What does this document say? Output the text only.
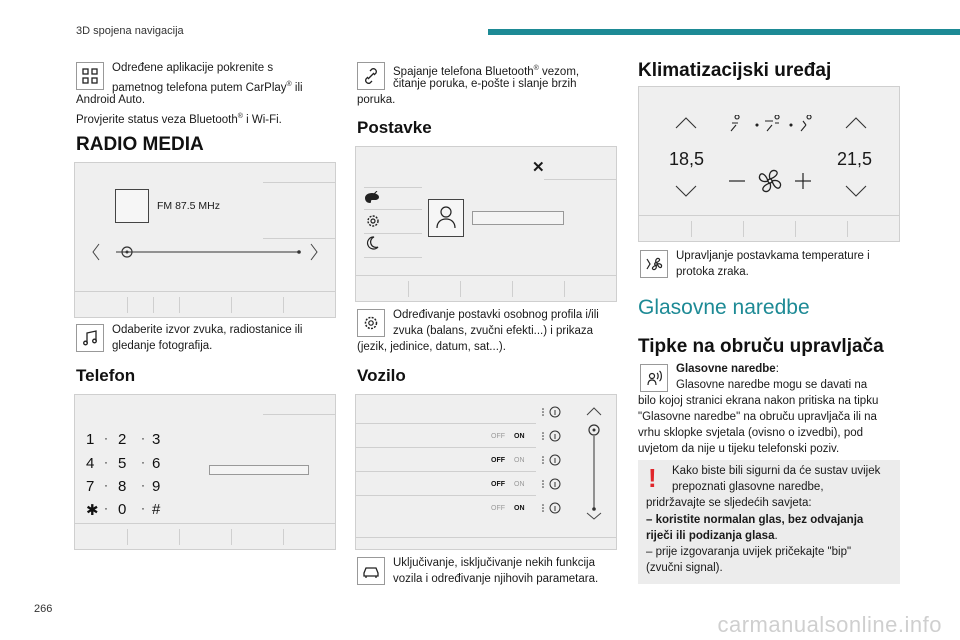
3D spojena navigacija
Određene aplikacije pokrenite s
pametnog telefona putem CarPlay® ili
Android Auto.
Provjerite status veza Bluetooth® i Wi-Fi.
RADIO MEDIA
FM 87.5 MHz
Odaberite izvor zvuka, radiostanice ili
gledanje fotografija.
Telefon
1 · 2 · 3
4 · 5 · 6
7 · 8 · 9
✱ · 0 · #
Spajanje telefona Bluetooth® vezom,
čitanje poruka, e-pošte i slanje brzih
poruka.
Postavke
✕
Određivanje postavki osobnog profila i/ili
zvuka (balans, zvučni efekti...) i prikaza
(jezik, jedinice, datum, sat...).
Vozilo
OFF ON
OFF ON
OFF ON
OFF ON
Uključivanje, isključivanje nekih funkcija
vozila i određivanje njihovih parametara.
Klimatizacijski uređaj
18,5	21,5
Upravljanje postavkama temperature i
protoka zraka.
Glasovne naredbe
Tipke na obruču upravljača
Glasovne naredbe:
Glasovne naredbe mogu se davati na
bilo kojoj stranici ekrana nakon pritiska na tipku
"Glasovne naredbe" na obruču upravljača ili na
vrhu sklopke svjetala (ovisno o izvedbi), pod
uvjetom da nije u tijeku telefonski poziv.
! Kako biste bili sigurni da će sustav uvijek
prepoznati glasovne naredbe,
pridržavajte se sljedećih savjeta:
– koristite normalan glas, bez odvajanja
riječi ili podizanja glasa.
– prije izgovaranja uvijek pričekajte "bip"
(zvučni signal).
266
carmanualsonline.info
